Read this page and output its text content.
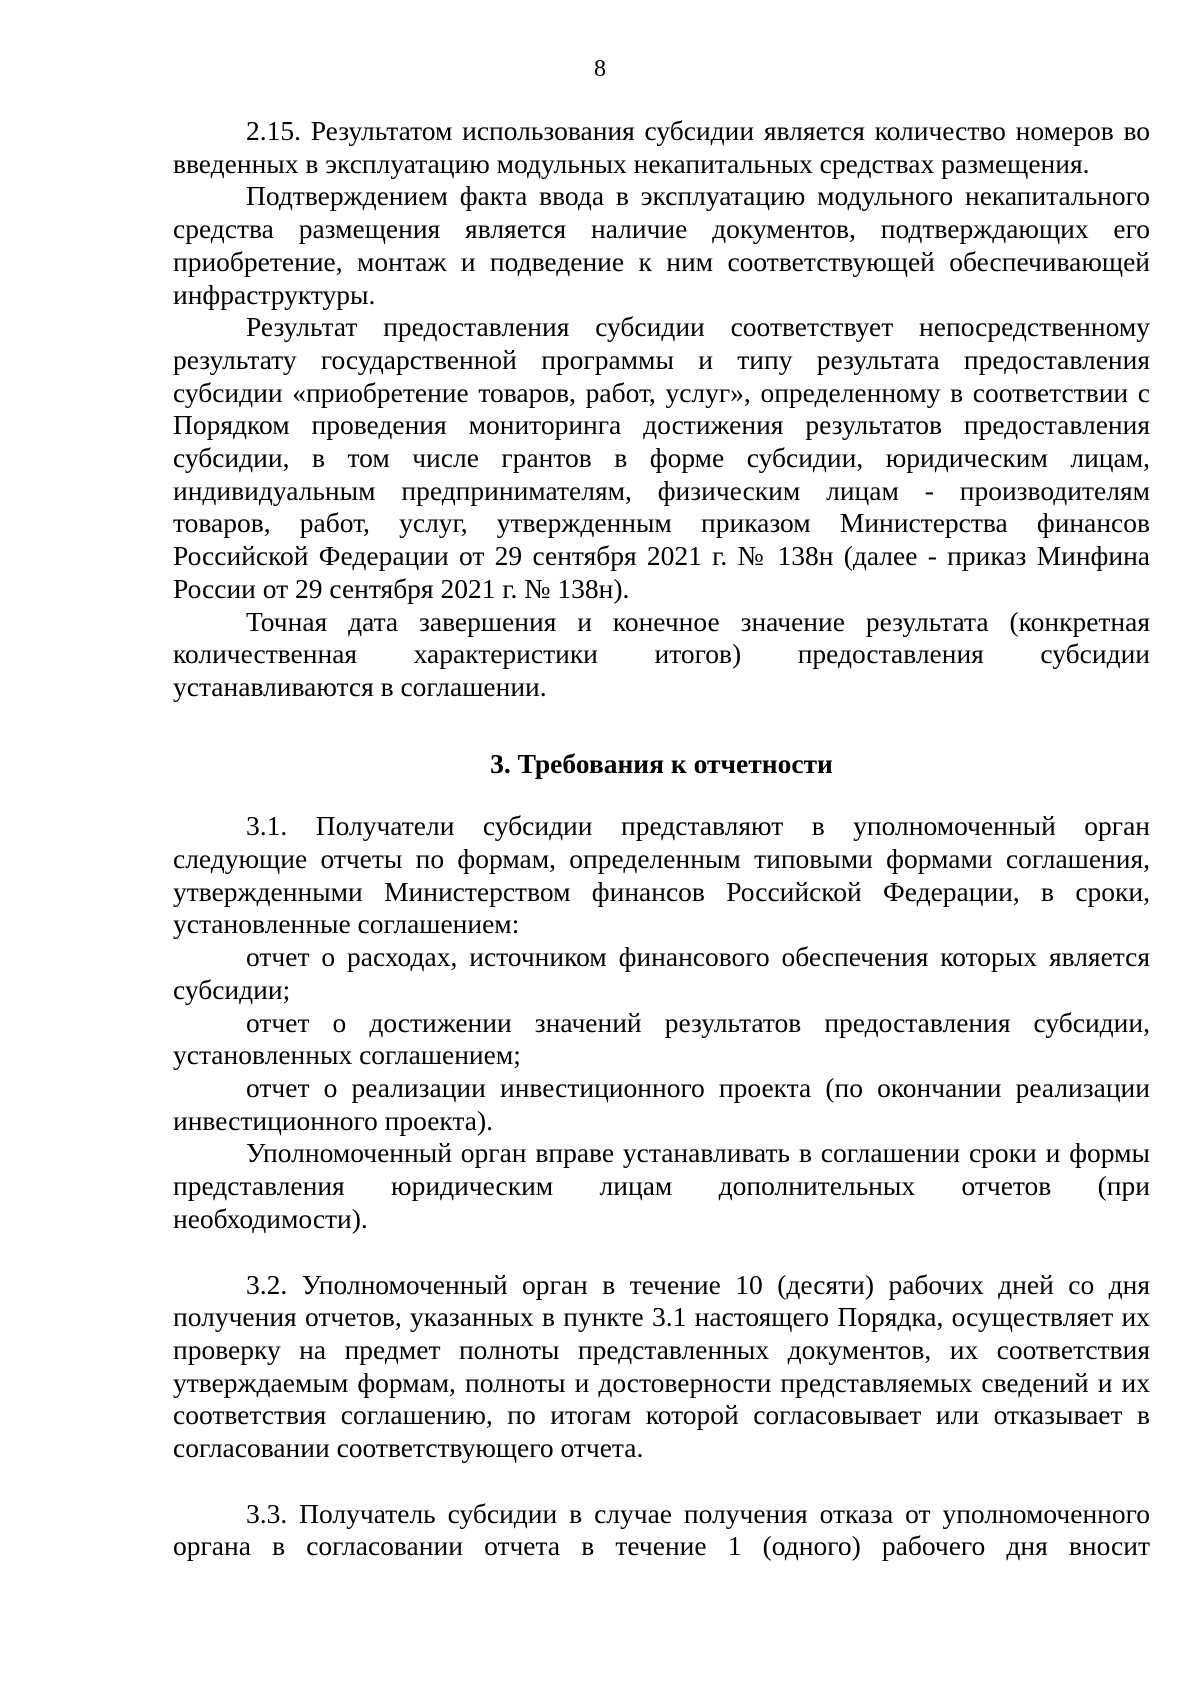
8

2.15. Результатом использования субсидии является количество номеров во введенных в эксплуатацию модульных некапитальных средствах размещения.

Подтверждением факта ввода в эксплуатацию модульного некапитального средства размещения является наличие документов, подтверждающих его приобретение, монтаж и подведение к ним соответствующей обеспечивающей инфраструктуры.

Результат предоставления субсидии соответствует непосредственному результату государственной программы и типу результата предоставления субсидии «приобретение товаров, работ, услуг», определенному в соответствии с Порядком проведения мониторинга достижения результатов предоставления субсидии, в том числе грантов в форме субсидии, юридическим лицам, индивидуальным предпринимателям, физическим лицам - производителям товаров, работ, услуг, утвержденным приказом Министерства финансов Российской Федерации от 29 сентября 2021 г. № 138н (далее - приказ Минфина России от 29 сентября 2021 г. № 138н).

Точная дата завершения и конечное значение результата (конкретная количественная характеристики итогов) предоставления субсидии устанавливаются в соглашении.

3. Требования к отчетности

3.1. Получатели субсидии представляют в уполномоченный орган следующие отчеты по формам, определенным типовыми формами соглашения, утвержденными Министерством финансов Российской Федерации, в сроки, установленные соглашением:

отчет о расходах, источником финансового обеспечения которых является субсидии;

отчет о достижении значений результатов предоставления субсидии, установленных соглашением;

отчет о реализации инвестиционного проекта (по окончании реализации инвестиционного проекта).

Уполномоченный орган вправе устанавливать в соглашении сроки и формы представления юридическим лицам дополнительных отчетов (при необходимости).

3.2. Уполномоченный орган в течение 10 (десяти) рабочих дней со дня получения отчетов, указанных в пункте 3.1 настоящего Порядка, осуществляет их проверку на предмет полноты представленных документов, их соответствия утверждаемым формам, полноты и достоверности представляемых сведений и их соответствия соглашению, по итогам которой согласовывает или отказывает в согласовании соответствующего отчета.

3.3. Получатель субсидии в случае получения отказа от уполномоченного органа в согласовании отчета в течение 1 (одного) рабочего дня вносит
